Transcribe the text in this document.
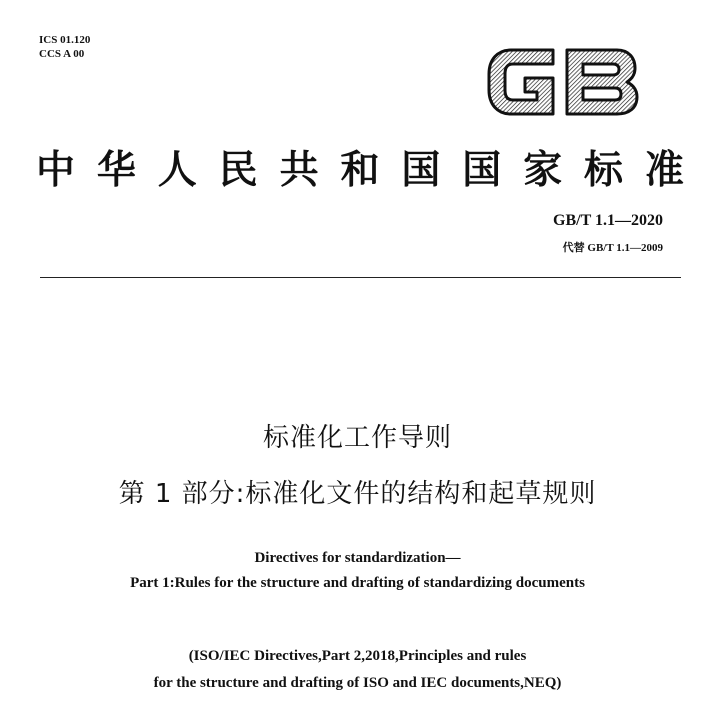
ICS 01.120
CCS A 00
中 华 人 民 共 和 国 国 家 标 准
GB/T 1.1—2020
代替 GB/T 1.1—2009
标准化工作导则
第 1 部分:标准化文件的结构和起草规则
Directives for standardization—
Part 1:Rules for the structure and drafting of standardizing documents
(ISO/IEC Directives,Part 2,2018,Principles and rules
for the structure and drafting of ISO and IEC documents,NEQ)
